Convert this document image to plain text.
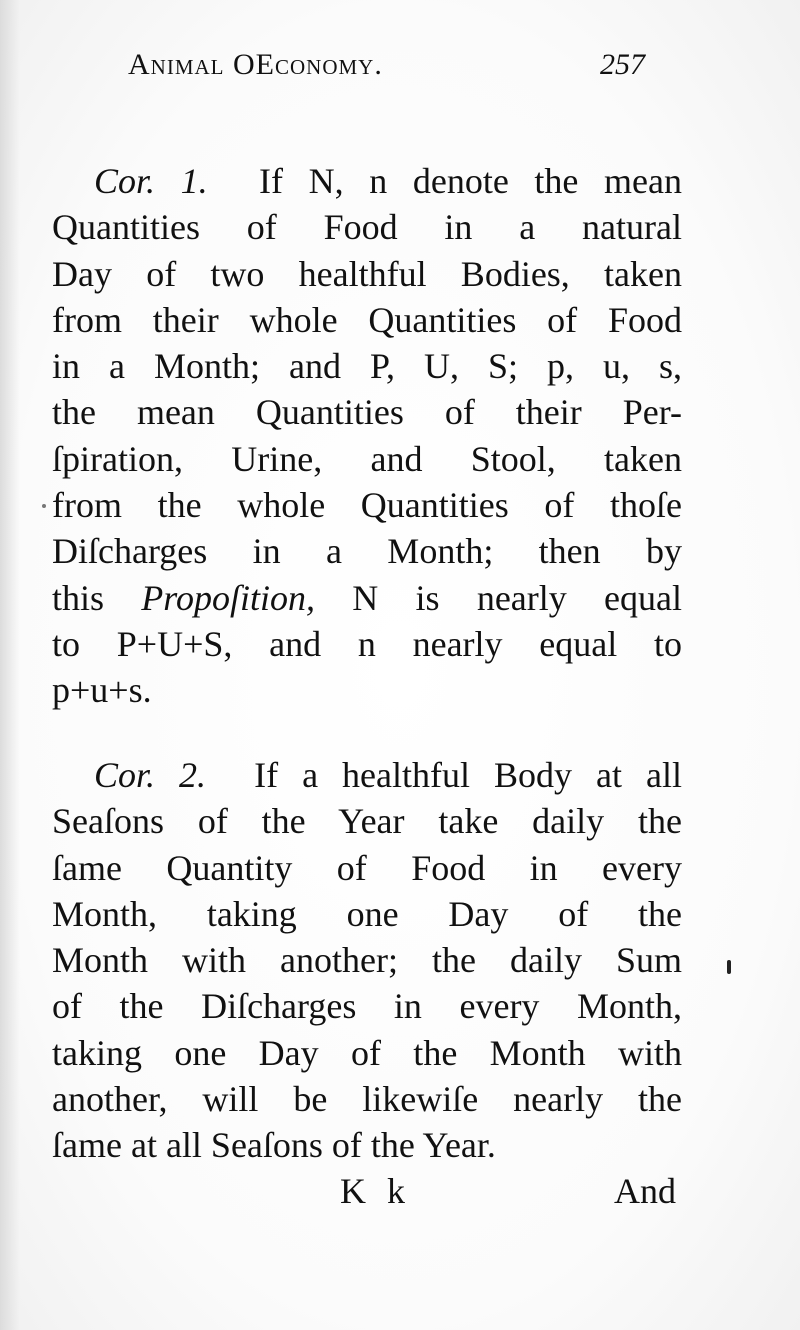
Animal OEconomy.	257
Cor. 1. If N, n denote the mean
Quantities of Food in a natural
Day of two healthful Bodies, taken
from their whole Quantities of Food
in a Month; and P, U, S; p, u, s,
the mean Quantities of their Per-
ſpiration, Urine, and Stool, taken
from the whole Quantities of thoſe
Diſcharges in a Month; then by
this Propoſition, N is nearly equal
to P+U+S, and n nearly equal to
p+u+s.
Cor. 2. If a healthful Body at all
Seaſons of the Year take daily the
ſame Quantity of Food in every
Month, taking one Day of the
Month with another; the daily Sum
of the Diſcharges in every Month,
taking one Day of the Month with
another, will be likewiſe nearly the
ſame at all Seaſons of the Year.
K k	And
